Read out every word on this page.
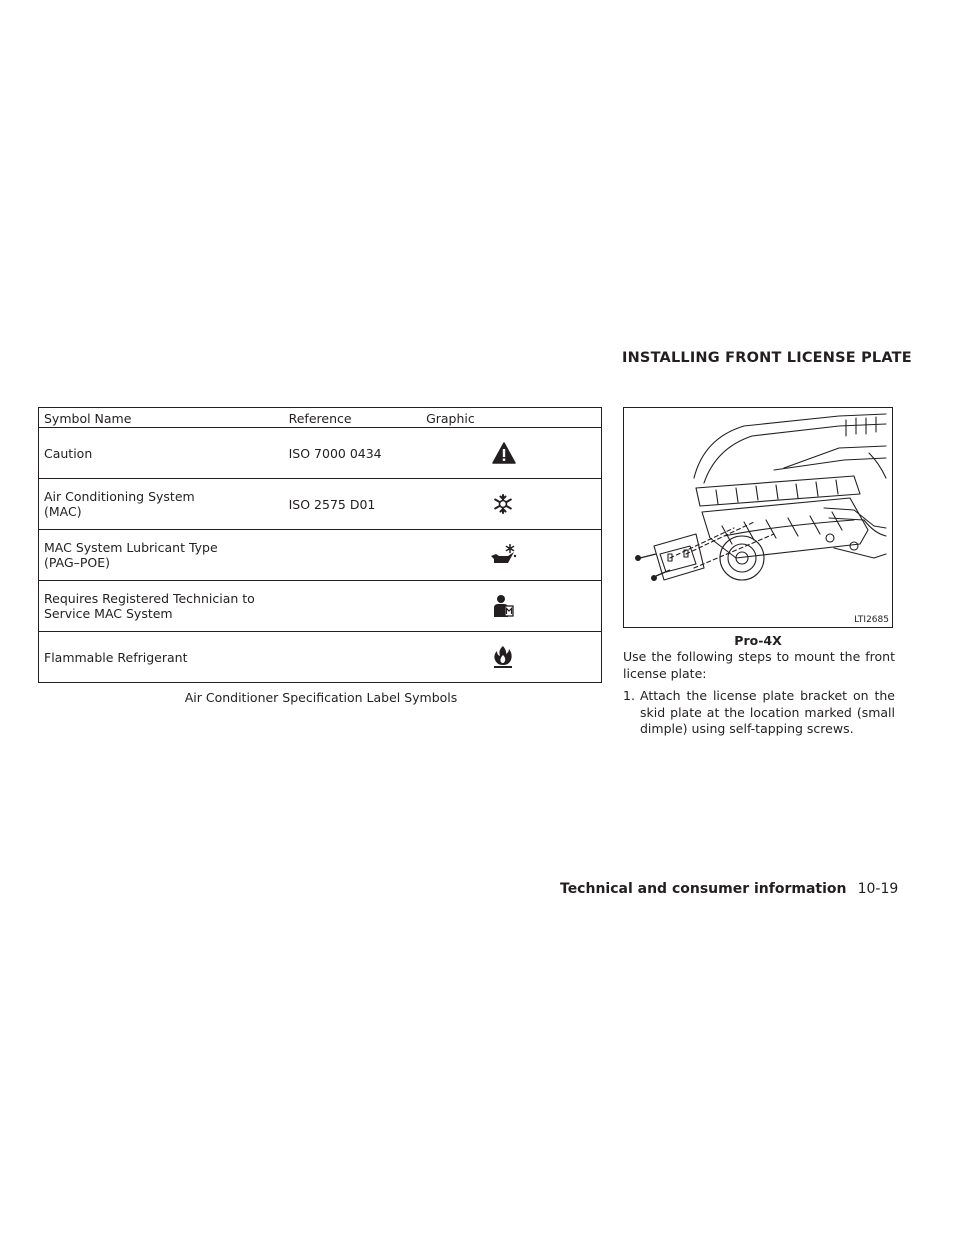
INSTALLING FRONT LICENSE PLATE
Symbol Name	Reference	Graphic
Caution	ISO 7000 0434	

Air Conditioning System
(MAC)	ISO 2575 D01	

MAC System Lubricant Type
(PAG–POE)		

Requires Registered Technician to
Service MAC System		

Flammable Refrigerant		
Air Conditioner Specification Label Symbols
LTI2685
Pro-4X
Use the following steps to mount the front license plate:
1. Attach the license plate bracket on the skid plate at the location marked (small dimple) using self-tapping screws.
Technical and consumer information 10-19
